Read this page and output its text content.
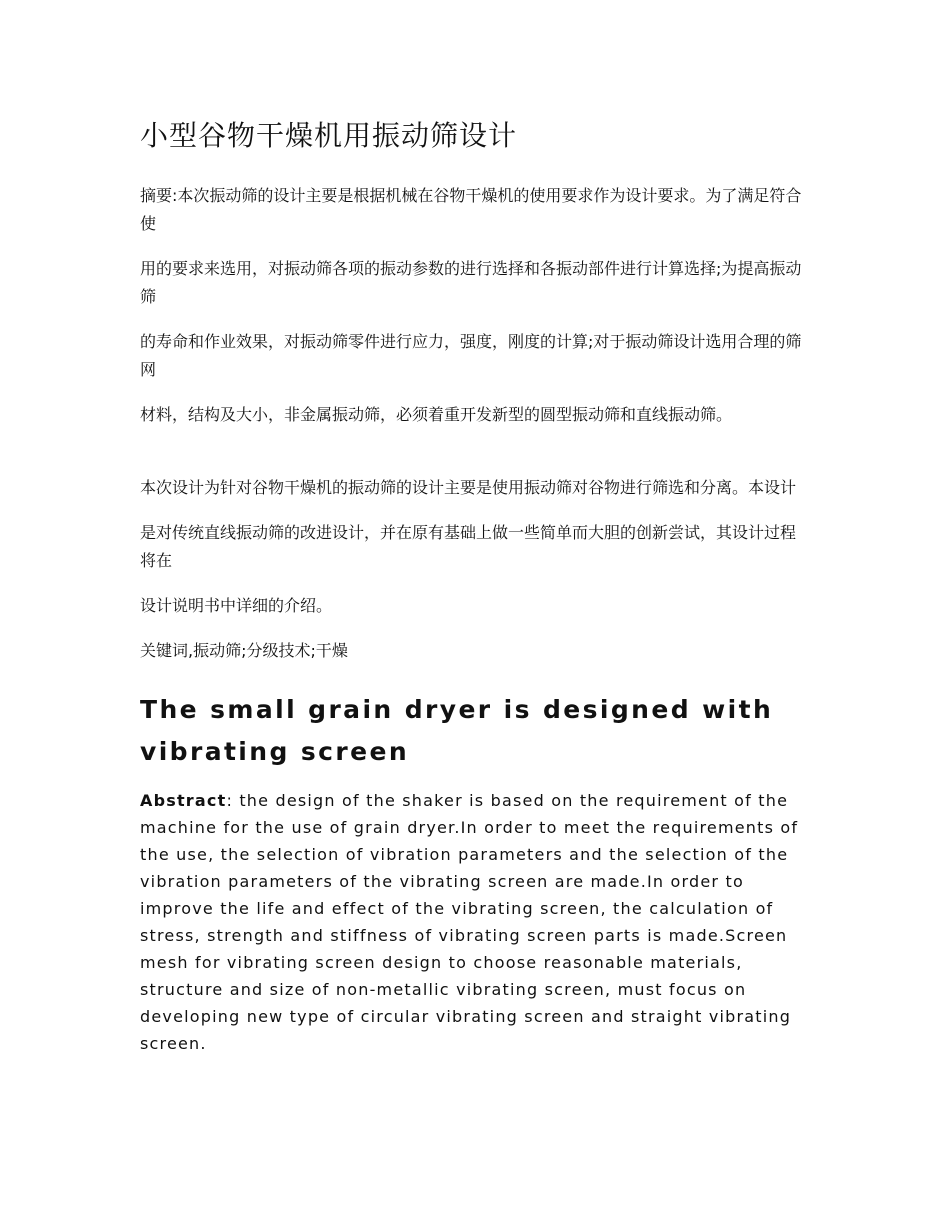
小型谷物干燥机用振动筛设计

摘要:本次振动筛的设计主要是根据机械在谷物干燥机的使用要求作为设计要求。为了满足符合使

用的要求来选用，对振动筛各项的振动参数的进行选择和各振动部件进行计算选择;为提高振动筛

的寿命和作业效果，对振动筛零件进行应力，强度，刚度的计算;对于振动筛设计选用合理的筛网

材料，结构及大小，非金属振动筛，必须着重开发新型的圆型振动筛和直线振动筛。

本次设计为针对谷物干燥机的振动筛的设计主要是使用振动筛对谷物进行筛选和分离。本设计

是对传统直线振动筛的改进设计，并在原有基础上做一些简单而大胆的创新尝试，其设计过程将在

设计说明书中详细的介绍。

关键词,振动筛;分级技术;干燥

The small grain dryer is designed with vibrating screen

Abstract: the design of the shaker is based on the requirement of the machine for the use of grain dryer.In order to meet the requirements of the use, the selection of vibration parameters and the selection of the vibration parameters of the vibrating screen are made.In order to improve the life and effect of the vibrating screen, the calculation of stress, strength and stiffness of vibrating screen parts is made.Screen mesh for vibrating screen design to choose reasonable materials, structure and size of non-metallic vibrating screen, must focus on developing new type of circular vibrating screen and straight vibrating screen.
